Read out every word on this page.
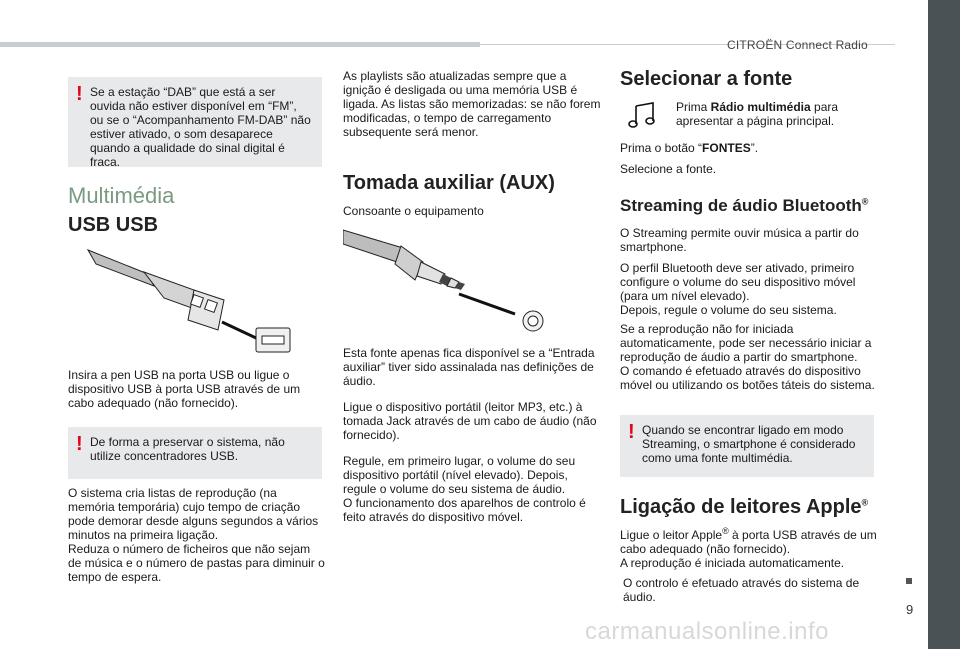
CITROËN Connect Radio
! Se a estação “DAB” que está a ser ouvida não estiver disponível em “FM”, ou se o “Acompanhamento FM-DAB” não estiver ativado, o som desaparece quando a qualidade do sinal digital é fraca.

Multimédia
USB USB

Insira a pen USB na porta USB ou ligue o dispositivo USB à porta USB através de um cabo adequado (não fornecido).

! De forma a preservar o sistema, não utilize concentradores USB.

O sistema cria listas de reprodução (na memória temporária) cujo tempo de criação pode demorar desde alguns segundos a vários minutos na primeira ligação.
Reduza o número de ficheiros que não sejam de música e o número de pastas para diminuir o tempo de espera.

As playlists são atualizadas sempre que a ignição é desligada ou uma memória USB é ligada. As listas são memorizadas: se não forem modificadas, o tempo de carregamento subsequente será menor.

Tomada auxiliar (AUX)

Consoante o equipamento

Esta fonte apenas fica disponível se a “Entrada auxiliar” tiver sido assinalada nas definições de áudio.

Ligue o dispositivo portátil (leitor MP3, etc.) à tomada Jack através de um cabo de áudio (não fornecido).

Regule, em primeiro lugar, o volume do seu dispositivo portátil (nível elevado). Depois, regule o volume do seu sistema de áudio.
O funcionamento dos aparelhos de controlo é feito através do dispositivo móvel.

Selecionar a fonte

Prima Rádio multimédia para apresentar a página principal.

Prima o botão “FONTES”.

Selecione a fonte.

Streaming de áudio Bluetooth®

O Streaming permite ouvir música a partir do smartphone.

O perfil Bluetooth deve ser ativado, primeiro configure o volume do seu dispositivo móvel (para um nível elevado).
Depois, regule o volume do seu sistema.

Se a reprodução não for iniciada automaticamente, pode ser necessário iniciar a reprodução de áudio a partir do smartphone.
O comando é efetuado através do dispositivo móvel ou utilizando os botões táteis do sistema.

! Quando se encontrar ligado em modo Streaming, o smartphone é considerado como uma fonte multimédia.

Ligação de leitores Apple®

Ligue o leitor Apple® à porta USB através de um cabo adequado (não fornecido).
A reprodução é iniciada automaticamente.

O controlo é efetuado através do sistema de áudio.

9
carmanualsonline.info
